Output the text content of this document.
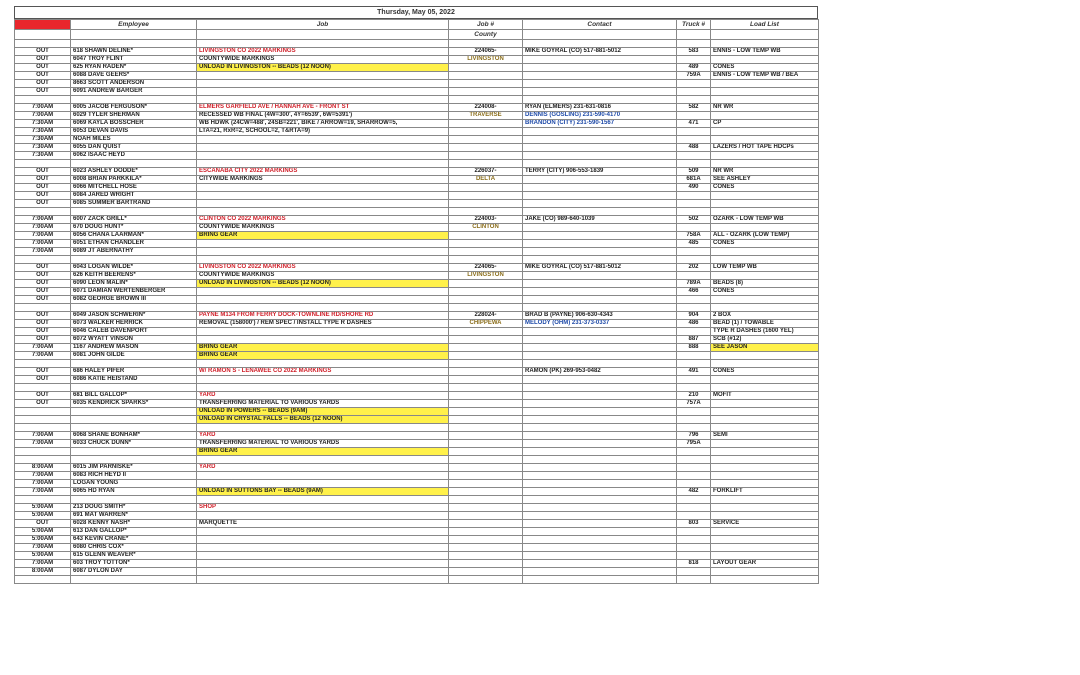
Thursday, May 05, 2022
Time	Employee	Job	Job #	Contact	Truck #	Load List
			County			

OUT	618 SHAWN DELINE*	LIVINGSTON CO 2022 MARKINGS	224065-	MIKE GOYRAL (CO) 517-881-5012	583	ENNIS - LOW TEMP WB
OUT	6047 TROY FLINT	COUNTYWIDE MARKINGS	LIVINGSTON			
OUT	625 RYAN RADEN*	UNLOAD IN LIVINGSTON -- BEADS (12 NOON)			489	CONES
OUT	6088 DAVE GEERS*				759A	ENNIS - LOW TEMP WB / BEA
OUT	8663 SCOTT ANDERSON					
OUT	6091 ANDREW BARGER					

7:00AM	6005 JACOB FERGUSON*	ELMERS GARFIELD AVE / HANNAH AVE - FRONT ST	224008-	RYAN (ELMERS) 231-631-0816	582	NR WR
7:00AM	6029 TYLER SHERMAN	RECESSED WB FINAL (4W=300', 4Y=6539', 6W=5391')	TRAVERSE	DENNIS (GOSLING) 231-590-4170		
7:30AM	6069 KAYLA BOSSCHER	WB HDWK (24CW=488', 24SB=221', BIKE / ARROW=19, SHARROW=5,		BRANDON (CITY) 231-590-1567	471	CP
7:30AM	6053 DEVAN DAVIS	LTA=21, RxR=2, SCHOOL=2, T&RTA=9)				
7:30AM	NOAH MILES					
7:30AM	6055 DAN QUIST				488	LAZERS / HOT TAPE HDCPs
7:30AM	6062 ISAAC HEYD					

OUT	6023 ASHLEY DODDE*	ESCANABA CITY 2022 MARKINGS	226037-	TERRY (CITY) 906-553-1839	509	NR WR
OUT	6008 BRIAN PARKKILA*	CITYWIDE MARKINGS	DELTA		681A	SEE ASHLEY
OUT	6066 MITCHELL HOSE				490	CONES
OUT	6084 JARED WRIGHT					
OUT	6085 SUMMER BARTRAND					

7:00AM	6007 ZACK GRILL*	CLINTON CO 2022 MARKINGS	224003-	JAKE (CO) 989-640-1039	502	OZARK - LOW TEMP WB
7:00AM	670 DOUG HUNT*	COUNTYWIDE MARKINGS	CLINTON			
7:00AM	6056 CHANA LAARMAN*	BRING GEAR			758A	ALL - OZARK (LOW TEMP)
7:00AM	6051 ETHAN CHANDLER				485	CONES
7:00AM	6089 JT ABERNATHY					

OUT	6043 LOGAN WILDE*	LIVINGSTON CO 2022 MARKINGS	224065-	MIKE GOYRAL (CO) 517-881-5012	202	LOW TEMP WB
OUT	626 KEITH BEERENS*	COUNTYWIDE MARKINGS	LIVINGSTON			
OUT	6090 LEON MALIN*	UNLOAD IN LIVINGSTON -- BEADS (12 NOON)			789A	BEADS (8)
OUT	6071 DAMIAN WERTENBERGER				466	CONES
OUT	6082 GEORGE BROWN III					

OUT	6049 JASON SCHWERIN*	PAYNE M134 FROM FERRY DOCK-TOWNLINE RD/SHORE RD	228024-	BRAD B (PAYNE) 906-630-4343	904	2 BOX
OUT	6073 WALKER HERRICK	REMOVAL (158000') / REM SPEC / INSTALL TYPE R DASHES	CHIPPEWA	MELODY (OHM) 231-373-0337	486	BEAD (1) / TOWABLE
OUT	6046 CALEB DAVENPORT					TYPE R DASHES (1600 YEL)
OUT	6072 WYATT VINSON				887	SCB (#12)
7:00AM	1167 ANDREW MASON	BRING GEAR			888	SEE JASON
7:00AM	6081 JOHN GILDE	BRING GEAR				

OUT	686 HALEY PIFER	W/ RAMON S - LENAWEE CO 2022 MARKINGS		RAMON (PK) 269-953-0482	491	CONES
OUT	6086 KATIE HEISTAND					

OUT	681 BILL GALLOP*	YARD			210	MOFIT
OUT	6035 KENDRICK SPARKS*	TRANSFERRING MATERIAL TO VARIOUS YARDS			757A	
		UNLOAD IN POWERS -- BEADS (9AM)				
		UNLOAD IN CRYSTAL FALLS -- BEADS (12 NOON)				

7:00AM	6068 SHANE BONHAM*	YARD			796	SEMI
7:00AM	6033 CHUCK DUNN*	TRANSFERRING MATERIAL TO VARIOUS YARDS			795A	
		BRING GEAR				

8:00AM	6015 JIM PARNISKE*	YARD				
7:00AM	6083 RICH HEYD II					
7:00AM	LOGAN YOUNG					
7:00AM	6065 HD RYAN	UNLOAD IN SUTTONS BAY -- BEADS (9AM)			482	FORKLIFT

5:00AM	213 DOUG SMITH*	SHOP				
5:00AM	691 MAT WARREN*					
OUT	6028 KENNY NASH*	MARQUETTE			803	SERVICE
5:00AM	613 DAN GALLOP*					
5:00AM	643 KEVIN CRANE*					
7:00AM	6080 CHRIS COX*					
5:00AM	615 GLENN WEAVER*					
7:00AM	603 TROY TOTTON*				818	LAYOUT GEAR
8:00AM	6087 DYLON DAY					
